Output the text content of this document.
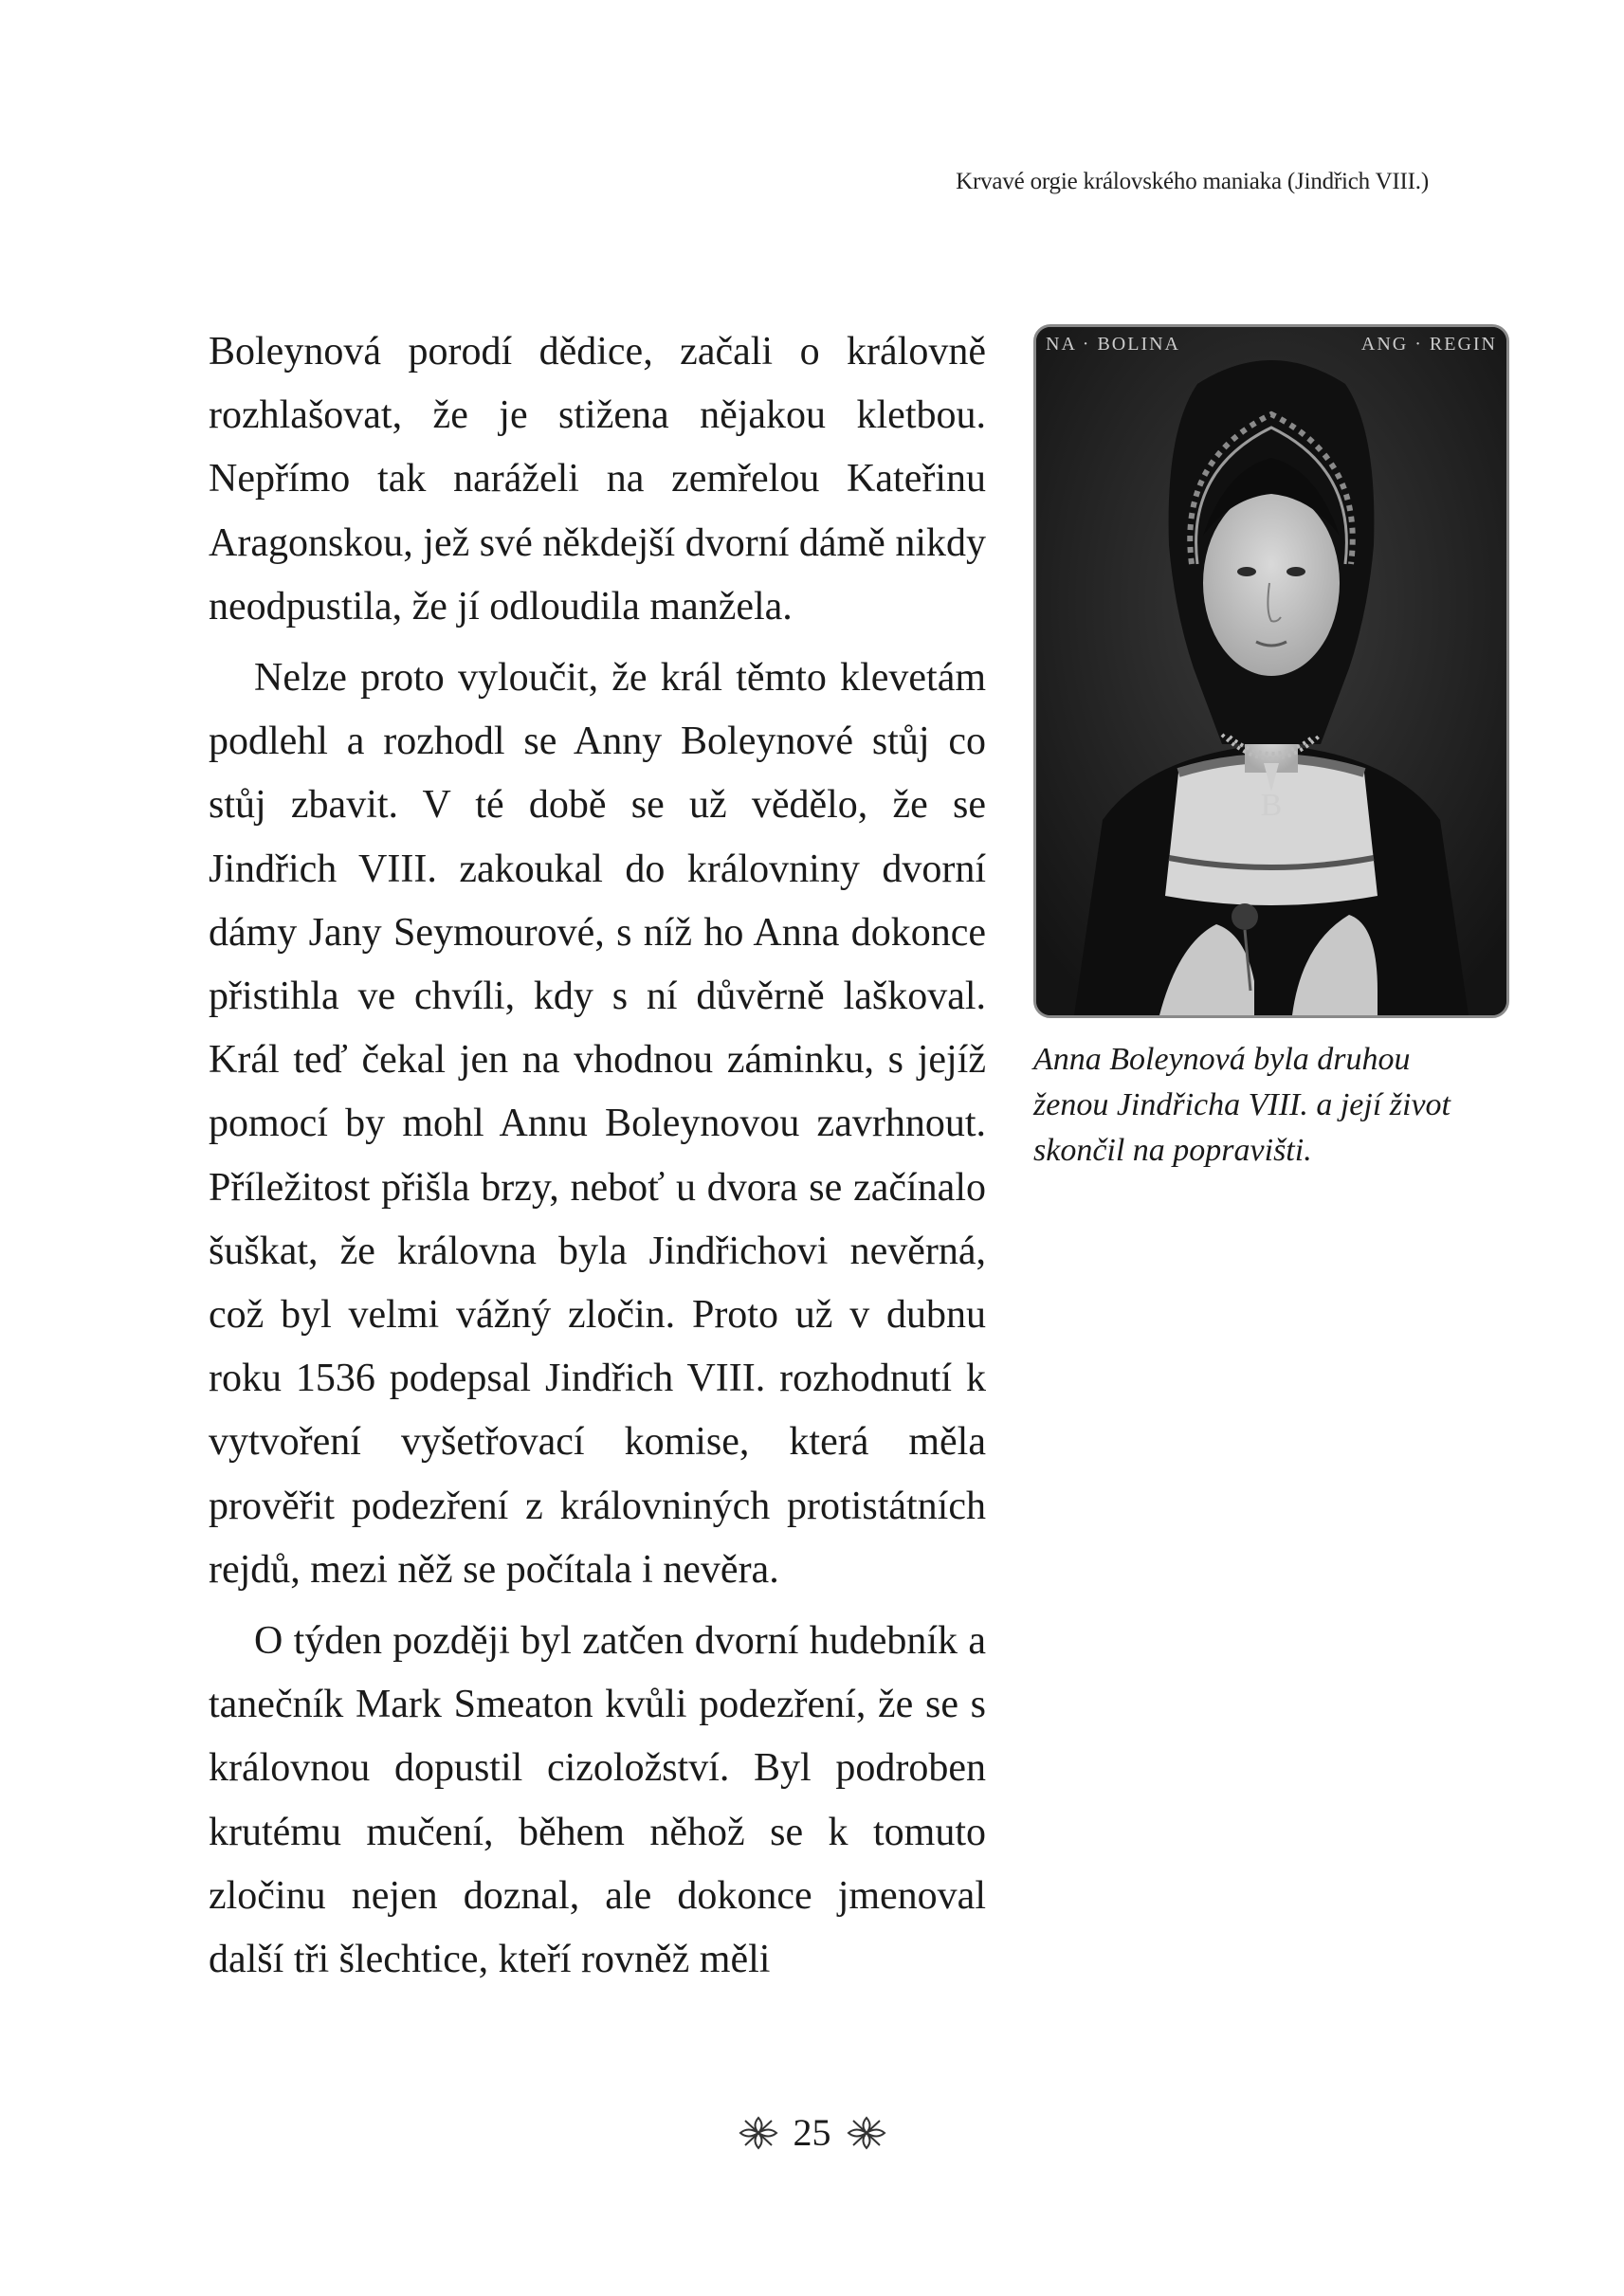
Krvavé orgie královského maniaka (Jindřich VIII.)

Boleynová porodí dědice, začali o královně rozhlašovat, že je stižena nějakou kletbou. Nepřímo tak naráželi na zemřelou Kateřinu Aragonskou, jež své někdejší dvorní dámě nikdy neodpustila, že jí odloudila manžela.

Nelze proto vyloučit, že král těmto klevetám podlehl a rozhodl se Anny Boleynové stůj co stůj zbavit. V té době se už vědělo, že se Jindřich VIII. zakoukal do královniny dvorní dámy Jany Seymourové, s níž ho Anna dokonce přistihla ve chvíli, kdy s ní důvěrně laškoval. Král teď čekal jen na vhodnou záminku, s jejíž pomocí by mohl Annu Boleynovou zavrhnout. Příležitost přišla brzy, neboť u dvora se začínalo šuškat, že královna byla Jindřichovi nevěrná, což byl velmi vážný zločin. Proto už v dubnu roku 1536 podepsal Jindřich VIII. rozhodnutí k vytvoření vyšetřovací komise, která měla prověřit podezření z královniných protistátních rejdů, mezi něž se počítala i nevěra.

O týden později byl zatčen dvorní hudebník a tanečník Mark Smeaton kvůli podezření, že se s královnou dopustil cizoložství. Byl podroben krutému mučení, během něhož se k tomuto zločinu nejen doznal, ale dokonce jmenoval další tři šlechtice, kteří rovněž měli

B
NA · BOLINA	ANG · REGIN
Anna Boleynová byla druhou
ženou Jindřicha VIII. a její život
skončil na popravišti.
25
